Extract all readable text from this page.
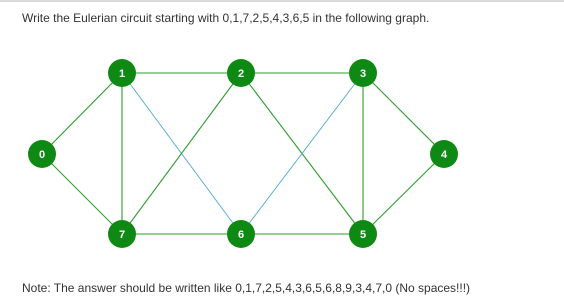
Write the Eulerian circuit starting with 0,1,7,2,5,4,3,6,5 in the following graph.
0
1	2	3
4
5
6
7
Note: The answer should be written like 0,1,7,2,5,4,3,6,5,6,8,9,3,4,7,0 (No spaces!!!)
